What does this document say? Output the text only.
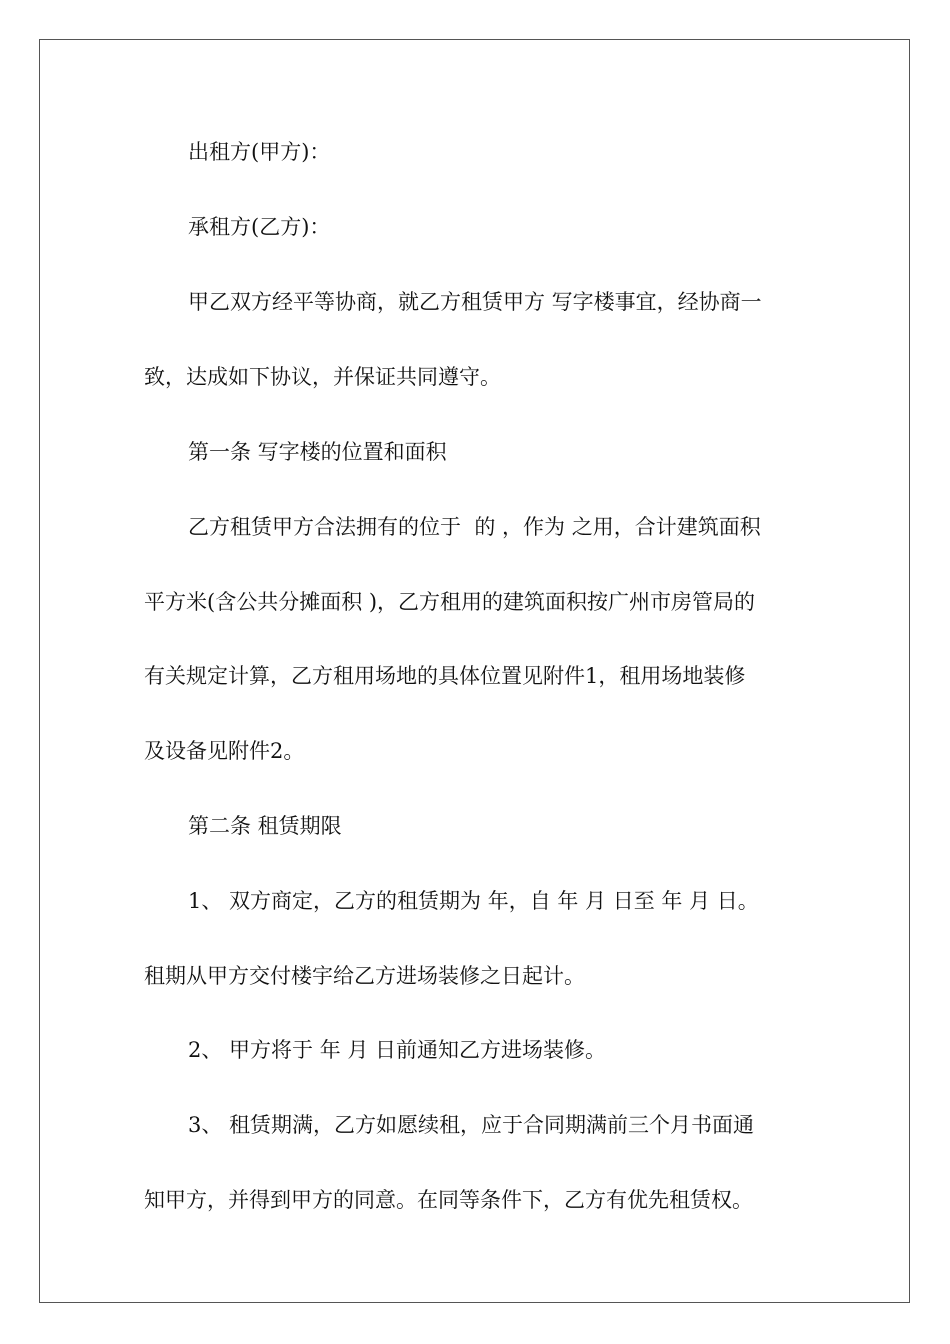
出租方(甲方)：

承租方(乙方)：

甲乙双方经平等协商，就乙方租赁甲方 写字楼事宜，经协商一

致，达成如下协议，并保证共同遵守。

第一条 写字楼的位置和面积

乙方租赁甲方合法拥有的位于  的 ，作为 之用，合计建筑面积

平方米(含公共分摊面积 )，乙方租用的建筑面积按广州市房管局的

有关规定计算，乙方租用场地的具体位置见附件1，租用场地装修

及设备见附件2。

第二条 租赁期限

1、 双方商定，乙方的租赁期为 年，自 年 月 日至 年 月 日。

租期从甲方交付楼宇给乙方进场装修之日起计。

2、 甲方将于 年 月 日前通知乙方进场装修。

3、 租赁期满，乙方如愿续租，应于合同期满前三个月书面通

知甲方，并得到甲方的同意。在同等条件下，乙方有优先租赁权。
